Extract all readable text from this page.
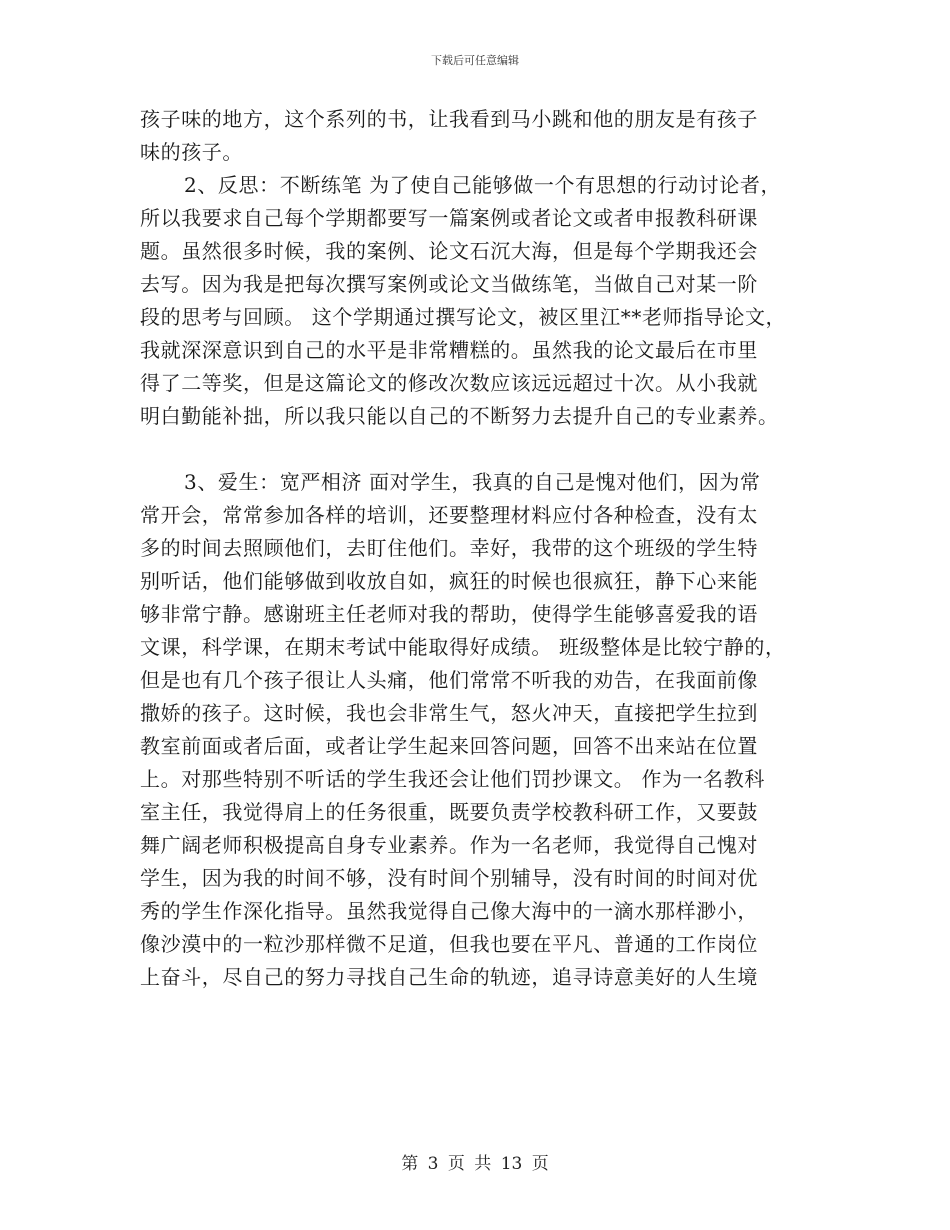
下载后可任意编辑
孩子味的地方，这个系列的书，让我看到马小跳和他的朋友是有孩子
味的孩子。
2、反思：不断练笔 为了使自己能够做一个有思想的行动讨论者，
所以我要求自己每个学期都要写一篇案例或者论文或者申报教科研课
题。虽然很多时候，我的案例、论文石沉大海，但是每个学期我还会
去写。因为我是把每次撰写案例或论文当做练笔，当做自己对某一阶
段的思考与回顾。 这个学期通过撰写论文，被区里江**老师指导论文，
我就深深意识到自己的水平是非常糟糕的。虽然我的论文最后在市里
得了二等奖，但是这篇论文的修改次数应该远远超过十次。从小我就
明白勤能补拙，所以我只能以自己的不断努力去提升自己的专业素养。
3、爱生：宽严相济 面对学生，我真的自己是愧对他们，因为常
常开会，常常参加各样的培训，还要整理材料应付各种检查，没有太
多的时间去照顾他们，去盯住他们。幸好，我带的这个班级的学生特
别听话，他们能够做到收放自如，疯狂的时候也很疯狂，静下心来能
够非常宁静。感谢班主任老师对我的帮助，使得学生能够喜爱我的语
文课，科学课，在期末考试中能取得好成绩。 班级整体是比较宁静的，
但是也有几个孩子很让人头痛，他们常常不听我的劝告，在我面前像
撒娇的孩子。这时候，我也会非常生气，怒火冲天，直接把学生拉到
教室前面或者后面，或者让学生起来回答问题，回答不出来站在位置
上。对那些特别不听话的学生我还会让他们罚抄课文。 作为一名教科
室主任，我觉得肩上的任务很重，既要负责学校教科研工作，又要鼓
舞广阔老师积极提高自身专业素养。作为一名老师，我觉得自己愧对
学生，因为我的时间不够，没有时间个别辅导，没有时间的时间对优
秀的学生作深化指导。虽然我觉得自己像大海中的一滴水那样渺小，
像沙漠中的一粒沙那样微不足道，但我也要在平凡、普通的工作岗位
上奋斗，尽自己的努力寻找自己生命的轨迹，追寻诗意美好的人生境
第 3 页 共 13 页
